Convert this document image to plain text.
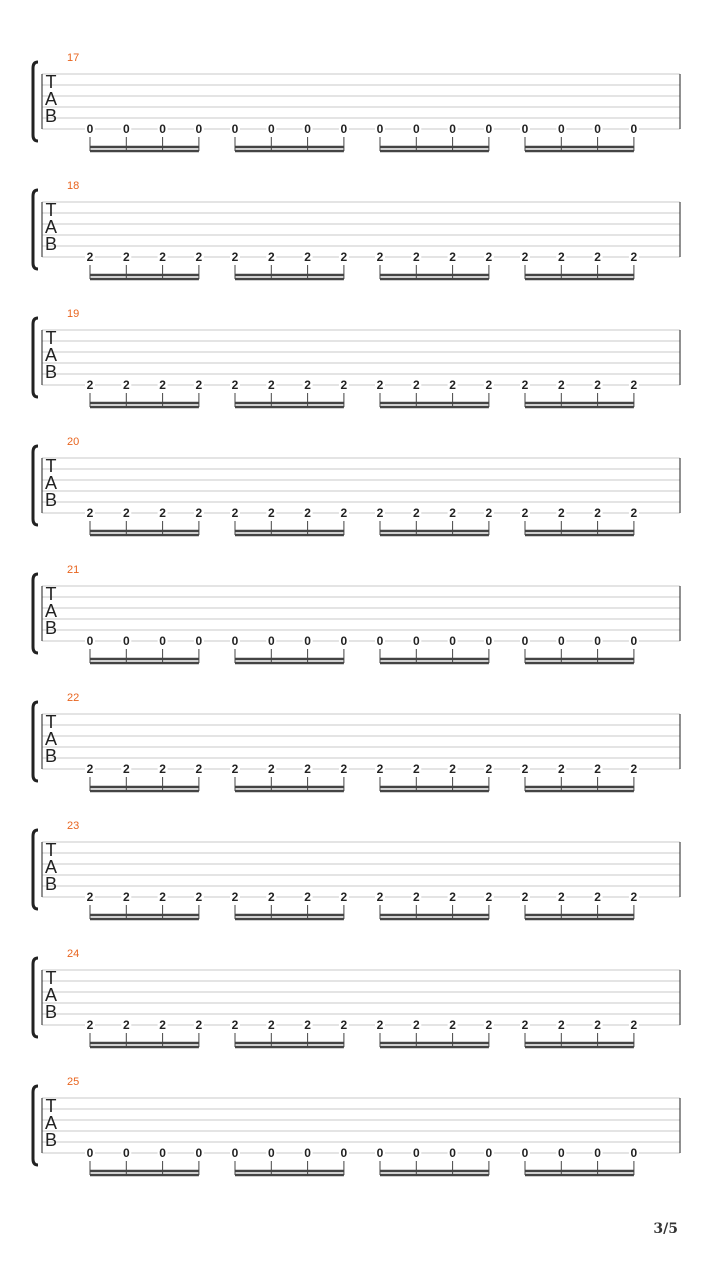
17
T
A
B
0 0 0 0 0 0 0 0 0 0 0 0 0 0 0 0
18
T
A
B
2 2 2 2 2 2 2 2 2 2 2 2 2 2 2 2
19
T
A
B
2 2 2 2 2 2 2 2 2 2 2 2 2 2 2 2
20
T
A
B
2 2 2 2 2 2 2 2 2 2 2 2 2 2 2 2
21
T
A
B
0 0 0 0 0 0 0 0 0 0 0 0 0 0 0 0
22
T
A
B
2 2 2 2 2 2 2 2 2 2 2 2 2 2 2 2
23
T
A
B
2 2 2 2 2 2 2 2 2 2 2 2 2 2 2 2
24
T
A
B
2 2 2 2 2 2 2 2 2 2 2 2 2 2 2 2
25
T
A
B
0 0 0 0 0 0 0 0 0 0 0 0 0 0 0 0
3/5
